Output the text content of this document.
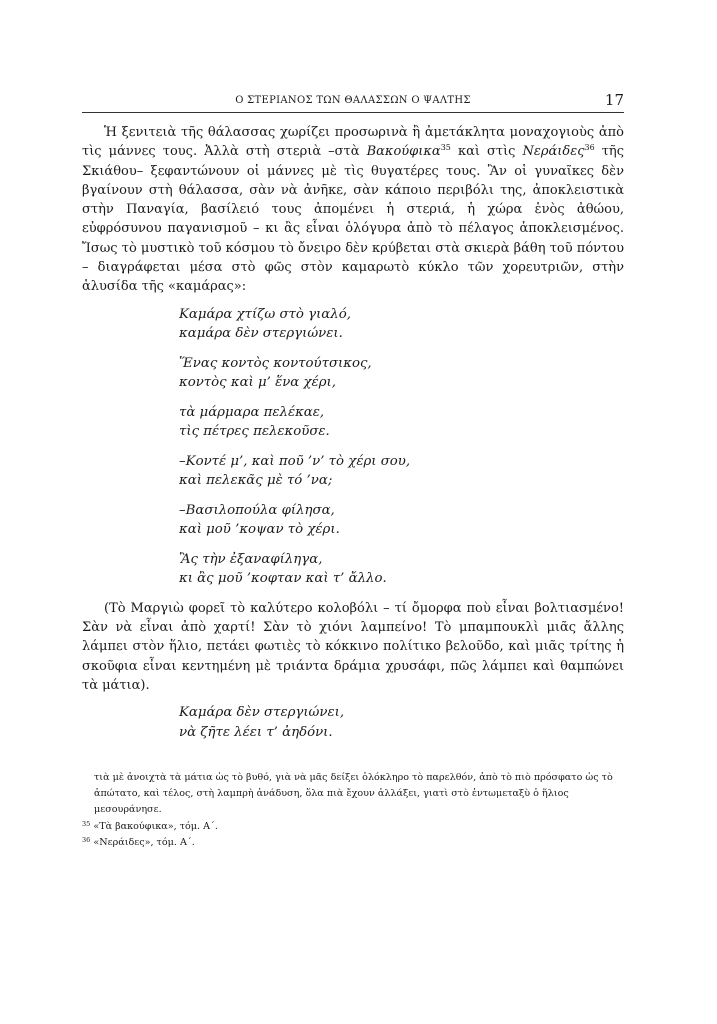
Ο ΣΤΕΡΙΑΝΟΣ ΤΩΝ ΘΑΛΑΣΣΩΝ Ο ΨΑΛΤΗΣ	17

Ἡ ξενιτειὰ τῆς θάλασσας χωρίζει προσωρινὰ ἢ ἀμετάκλητα μοναχογιοὺς ἀπὸ τὶς μάννες τους. Ἀλλὰ στὴ στεριὰ –στὰ Βακούφικα$^{35}$ καὶ στὶς Νεράιδες$^{36}$ τῆς Σκιάθου– ξεφαντώνουν οἱ μάννες μὲ τὶς θυγατέρες τους. Ἂν οἱ γυναῖκες δὲν βγαίνουν στὴ θάλασσα, σὰν νὰ ἀνῆκε, σὰν κάποιο περιβόλι της, ἀποκλειστικὰ στὴν Παναγία, βασίλειό τους ἀπομένει ἡ στεριά, ἡ χώρα ἑνὸς ἀθώου, εὐφρόσυνου παγανισμοῦ – κι ἂς εἶναι ὁλόγυρα ἀπὸ τὸ πέλαγος ἀποκλεισμένος. Ἴσως τὸ μυστικὸ τοῦ κόσμου τὸ ὄνειρο δὲν κρύβεται στὰ σκιερὰ βάθη τοῦ πόντου – διαγράφεται μέσα στὸ φῶς στὸν καμαρωτὸ κύκλο τῶν χορευτριῶν, στὴν ἁλυσίδα τῆς «καμάρας»:

Καμάρα χτίζω στὸ γιαλό,
καμάρα δὲν στεργιώνει.
Ἕνας κοντὸς κοντούτσικος,
κοντὸς καὶ μ’ ἕνα χέρι,
τὰ μάρμαρα πελέκαε,
τὶς πέτρες πελεκοῦσε.
–Κοντέ μ’, καὶ ποῦ ’ν’ τὸ χέρι σου,
καὶ πελεκᾶς μὲ τό ’να;
–Βασιλοπούλα φίλησα,
καὶ μοῦ ’κοψαν τὸ χέρι.
Ἂς τὴν ἐξαναφίληγα,
κι ἂς μοῦ ’κοφταν καὶ τ’ ἄλλο.

(Τὸ Μαργιὼ φορεῖ τὸ καλύτερο κολοβόλι – τί ὄμορφα ποὺ εἶναι βολτιασμένο! Σὰν νὰ εἶναι ἀπὸ χαρτί! Σὰν τὸ χιόνι λαμπείνο! Τὸ μπαμπουκλὶ μιᾶς ἄλλης λάμπει στὸν ἥλιο, πετάει φωτιὲς τὸ κόκκινο πολίτικο βελοῦδο, καὶ μιᾶς τρίτης ἡ σκοῦφια εἶναι κεντημένη μὲ τριάντα δράμια χρυσάφι, πῶς λάμπει καὶ θαμπώνει τὰ μάτια).

Καμάρα δὲν στεργιώνει,
νὰ ζῆτε λέει τ’ ἀηδόνι.

τιὰ μὲ ἀνοιχτὰ τὰ μάτια ὡς τὸ βυθό, γιὰ νὰ μᾶς δείξει ὁλόκληρο τὸ παρελθόν, ἀπὸ τὸ πιὸ πρόσφατο ὡς τὸ ἀπώτατο, καὶ τέλος, στὴ λαμπρὴ ἀνάδυση, ὅλα πιὰ ἔχουν ἀλλάξει, γιατὶ στὸ ἐντωμεταξὺ ὁ ἥλιος μεσουράνησε.

$^{35}$ «Τὰ βακούφικα», τόμ. Α΄.

$^{36}$ «Νεράιδες», τόμ. Α΄.
